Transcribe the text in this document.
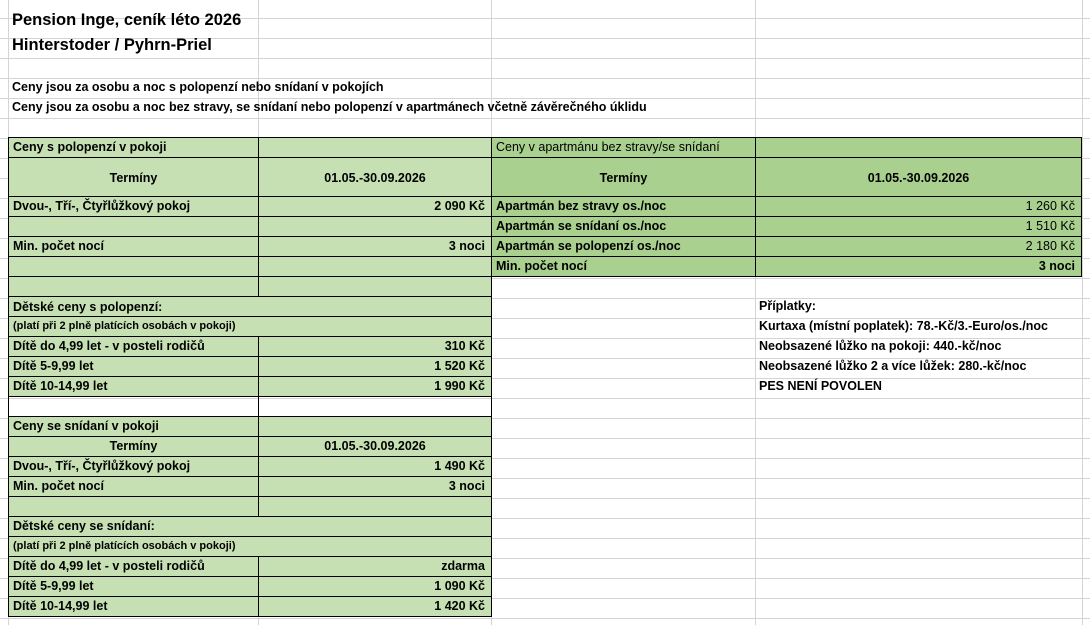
Pension Inge, ceník léto 2026
Hinterstoder / Pyhrn-Priel
Ceny jsou za osobu a noc s polopenzí nebo snídaní v pokojích
Ceny jsou za osobu a noc bez stravy, se snídaní nebo polopenzí v apartmánech včetně závěrečného úklidu
Ceny s polopenzí v pokoji
Termíny	01.05.-30.09.2026
Dvou-, Tří-, Čtyřlůžkový pokoj	2 090 Kč
Min. počet nocí	3 noci
Dětské ceny s polopenzí:
(platí při 2 plně platících osobách v pokoji)
Dítě do 4,99 let - v posteli rodičů	310 Kč
Dítě 5-9,99 let	1 520 Kč
Dítě 10-14,99 let	1 990 Kč
Ceny se snídaní v pokoji
Termíny	01.05.-30.09.2026
Dvou-, Tří-, Čtyřlůžkový pokoj	1 490 Kč
Min. počet nocí	3 noci
Dětské ceny se snídaní:
(platí při 2 plně platících osobách v pokoji)
Dítě do 4,99 let - v posteli rodičů	zdarma
Dítě 5-9,99 let	1 090 Kč
Dítě 10-14,99 let	1 420 Kč
Ceny v apartmánu bez stravy/se snídaní
Termíny	01.05.-30.09.2026
Apartmán bez stravy os./noc	1 260 Kč
Apartmán se snídaní os./noc	1 510 Kč
Apartmán se polopenzí os./noc	2 180 Kč
Min. počet nocí	3 noci
Příplatky:
Kurtaxa (místní poplatek): 78.-Kč/3.-Euro/os./noc
Neobsazené lůžko na pokoji: 440.-kč/noc
Neobsazené lůžko 2 a více lůžek: 280.-kč/noc
PES NENÍ POVOLEN
